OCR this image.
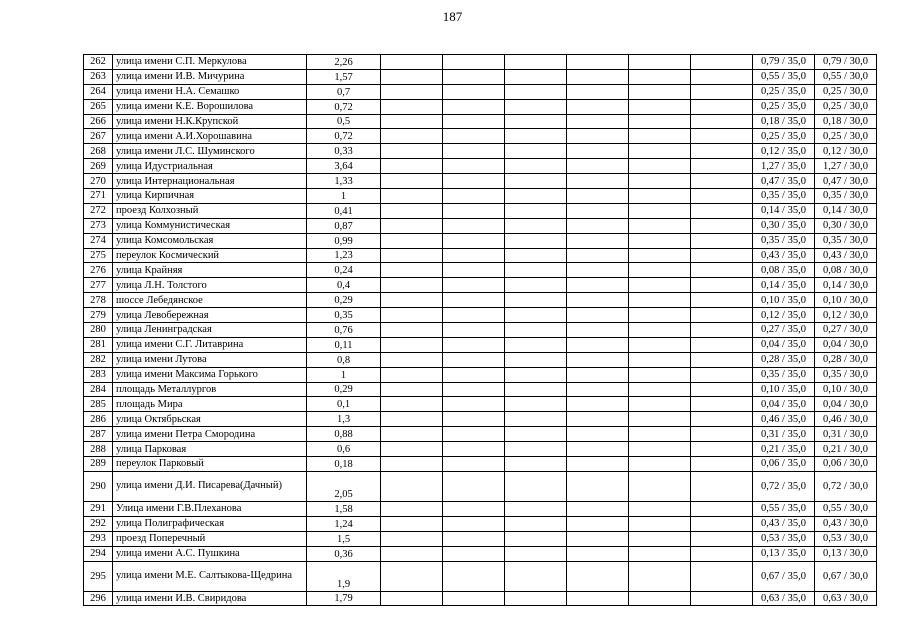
187
262	улица имени С.П. Меркулова	2,26							0,79 / 35,0	0,79 / 30,0
263	улица имени И.В. Мичурина	1,57							0,55 / 35,0	0,55 / 30,0
264	улица имени Н.А. Семашко	0,7							0,25 / 35,0	0,25 / 30,0
265	улица имени К.Е. Ворошилова	0,72							0,25 / 35,0	0,25 / 30,0
266	улица имени Н.К.Крупской	0,5							0,18 / 35,0	0,18 / 30,0
267	улица имени А.И.Хорошавина	0,72							0,25 / 35,0	0,25 / 30,0
268	улица имени Л.С. Шуминского	0,33							0,12 / 35,0	0,12 / 30,0
269	улица Идустриальная	3,64							1,27 / 35,0	1,27 / 30,0
270	улица Интернациональная	1,33							0,47 / 35,0	0,47 / 30,0
271	улица Кирпичная	1							0,35 / 35,0	0,35 / 30,0
272	проезд Колхозный	0,41							0,14 / 35,0	0,14 / 30,0
273	улица Коммунистическая	0,87							0,30 / 35,0	0,30 / 30,0
274	улица Комсомольская	0,99							0,35 / 35,0	0,35 / 30,0
275	переулок Космический	1,23							0,43 / 35,0	0,43 / 30,0
276	улица Крайняя	0,24							0,08 / 35,0	0,08 / 30,0
277	улица Л.Н. Толстого	0,4							0,14 / 35,0	0,14 / 30,0
278	шоссе Лебедянское	0,29							0,10 / 35,0	0,10 / 30,0
279	улица Левобережная	0,35							0,12 / 35,0	0,12 / 30,0
280	улица Ленинградская	0,76							0,27 / 35,0	0,27 / 30,0
281	улица имени С.Г. Литаврина	0,11							0,04 / 35,0	0,04 / 30,0
282	улица имени Лутова	0,8							0,28 / 35,0	0,28 / 30,0
283	улица имени Максима Горького	1							0,35 / 35,0	0,35 / 30,0
284	площадь Металлургов	0,29							0,10 / 35,0	0,10 / 30,0
285	площадь Мира	0,1							0,04 / 35,0	0,04 / 30,0
286	улица Октябрьская	1,3							0,46 / 35,0	0,46 / 30,0
287	улица имени Петра Смородина	0,88							0,31 / 35,0	0,31 / 30,0
288	улица Парковая	0,6							0,21 / 35,0	0,21 / 30,0
289	переулок Парковый	0,18							0,06 / 35,0	0,06 / 30,0
290	улица имени Д.И. Писарева(Дачный)	2,05							0,72 / 35,0	0,72 / 30,0
291	Улица имени Г.В.Плеханова	1,58							0,55 / 35,0	0,55 / 30,0
292	улица Полиграфическая	1,24							0,43 / 35,0	0,43 / 30,0
293	проезд Поперечный	1,5							0,53 / 35,0	0,53 / 30,0
294	улица имени А.С. Пушкина	0,36							0,13 / 35,0	0,13 / 30,0
295	улица имени М.Е. Салтыкова-Щедрина	1,9							0,67 / 35,0	0,67 / 30,0
296	улица имени И.В. Свиридова	1,79							0,63 / 35,0	0,63 / 30,0
